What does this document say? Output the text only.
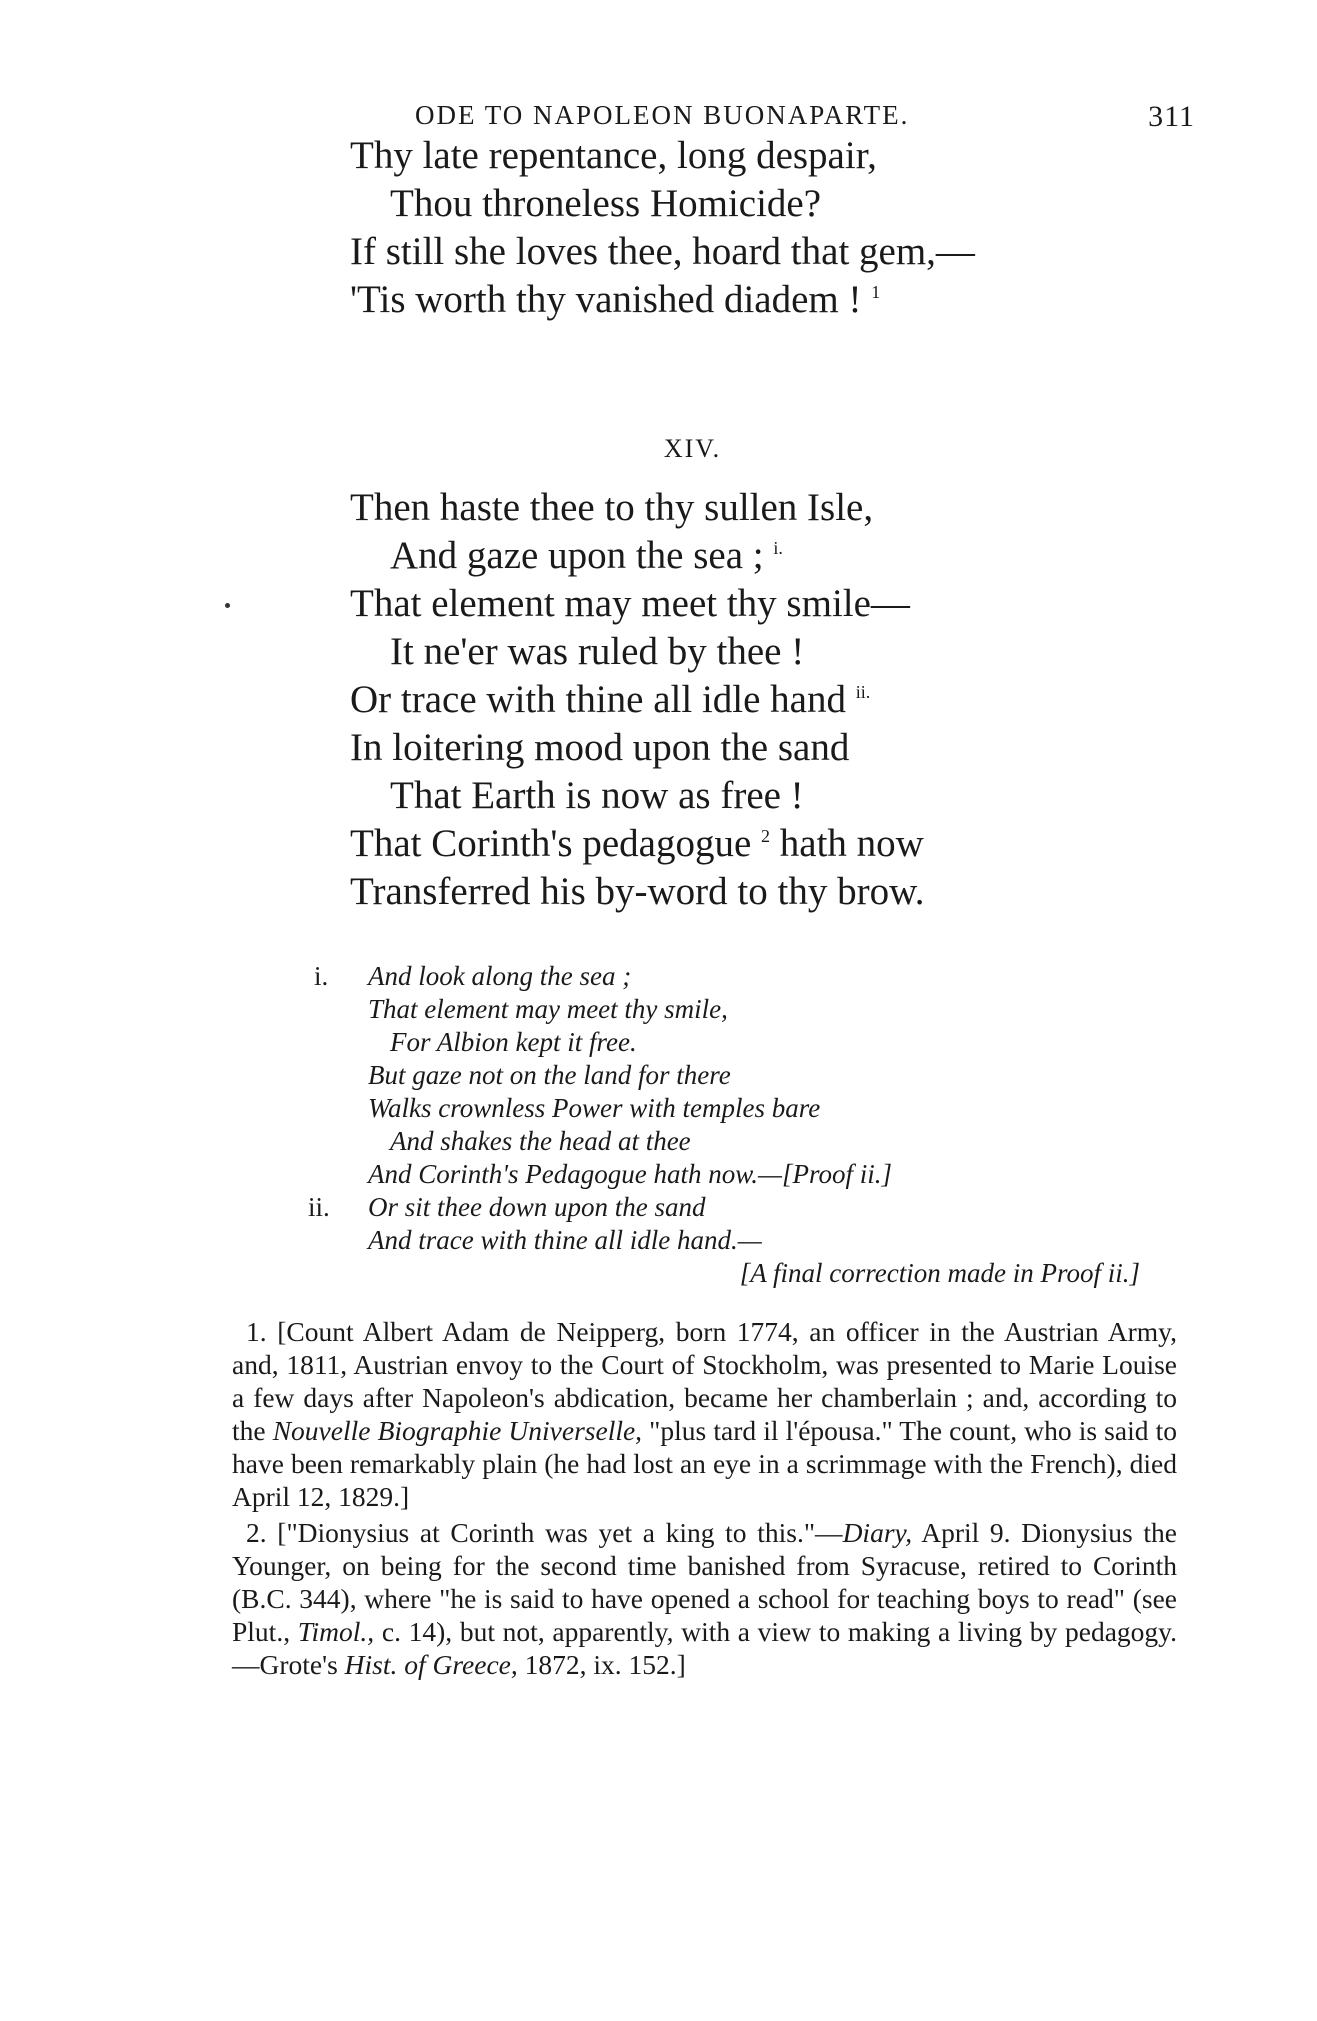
ODE TO NAPOLEON BUONAPARTE.	311
Thy late repentance, long despair,
Thou throneless Homicide?
If still she loves thee, hoard that gem,—
'Tis worth thy vanished diadem ! $^1$
XIV.
Then haste thee to thy sullen Isle,
And gaze upon the sea ; $^{i.}$
That element may meet thy smile—
It ne'er was ruled by thee !
Or trace with thine all idle hand $^{ii.}$
In loitering mood upon the sand
That Earth is now as free !
That Corinth's pedagogue $^2$ hath now
Transferred his by-word to thy brow.
i.	And look along the sea ;
That element may meet thy smile,
For Albion kept it free.
But gaze not on the land for there
Walks crownless Power with temples bare
And shakes the head at thee
And Corinth's Pedagogue hath now.—[Proof ii.]
ii.	Or sit thee down upon the sand
And trace with thine all idle hand.—
[A final correction made in Proof ii.]

1. [Count Albert Adam de Neipperg, born 1774, an officer in the Austrian Army, and, 1811, Austrian envoy to the Court of Stockholm, was presented to Marie Louise a few days after Napoleon's abdication, became her chamberlain ; and, according to the Nouvelle Biographie Universelle, "plus tard il l'épousa." The count, who is said to have been remarkably plain (he had lost an eye in a scrimmage with the French), died April 12, 1829.]

2. ["Dionysius at Corinth was yet a king to this."—Diary, April 9. Dionysius the Younger, on being for the second time banished from Syracuse, retired to Corinth (B.C. 344), where "he is said to have opened a school for teaching boys to read" (see Plut., Timol., c. 14), but not, apparently, with a view to making a living by pedagogy.—Grote's Hist. of Greece, 1872, ix. 152.]
